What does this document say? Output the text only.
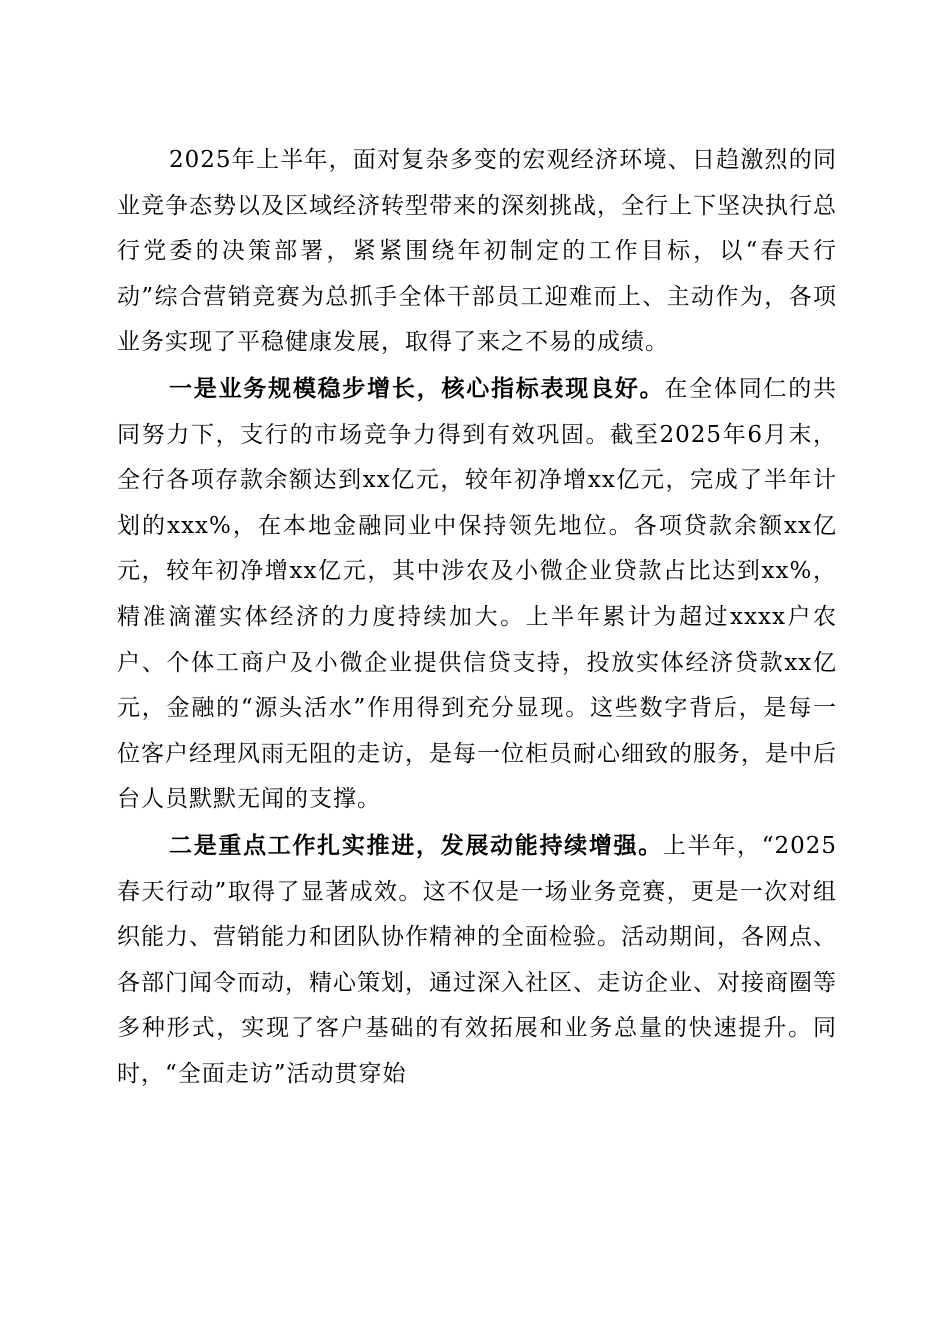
2025年上半年，面对复杂多变的宏观经济环境、日趋激烈的同业竞争态势以及区域经济转型带来的深刻挑战，全行上下坚决执行总行党委的决策部署，紧紧围绕年初制定的工作目标，以“春天行动”综合营销竞赛为总抓手全体干部员工迎难而上、主动作为，各项业务实现了平稳健康发展，取得了来之不易的成绩。

一是业务规模稳步增长，核心指标表现良好。在全体同仁的共同努力下，支行的市场竞争力得到有效巩固。截至2025年6月末，全行各项存款余额达到xx亿元，较年初净增xx亿元，完成了半年计划的xxx%，在本地金融同业中保持领先地位。各项贷款余额xx亿元，较年初净增xx亿元，其中涉农及小微企业贷款占比达到xx%，精准滴灌实体经济的力度持续加大。上半年累计为超过xxxx户农户、个体工商户及小微企业提供信贷支持，投放实体经济贷款xx亿元，金融的“源头活水”作用得到充分显现。这些数字背后，是每一位客户经理风雨无阻的走访，是每一位柜员耐心细致的服务，是中后台人员默默无闻的支撑。

二是重点工作扎实推进，发展动能持续增强。上半年，“2025春天行动”取得了显著成效。这不仅是一场业务竞赛，更是一次对组织能力、营销能力和团队协作精神的全面检验。活动期间，各网点、各部门闻令而动，精心策划，通过深入社区、走访企业、对接商圈等多种形式，实现了客户基础的有效拓展和业务总量的快速提升。同时，“全面走访”活动贯穿始
